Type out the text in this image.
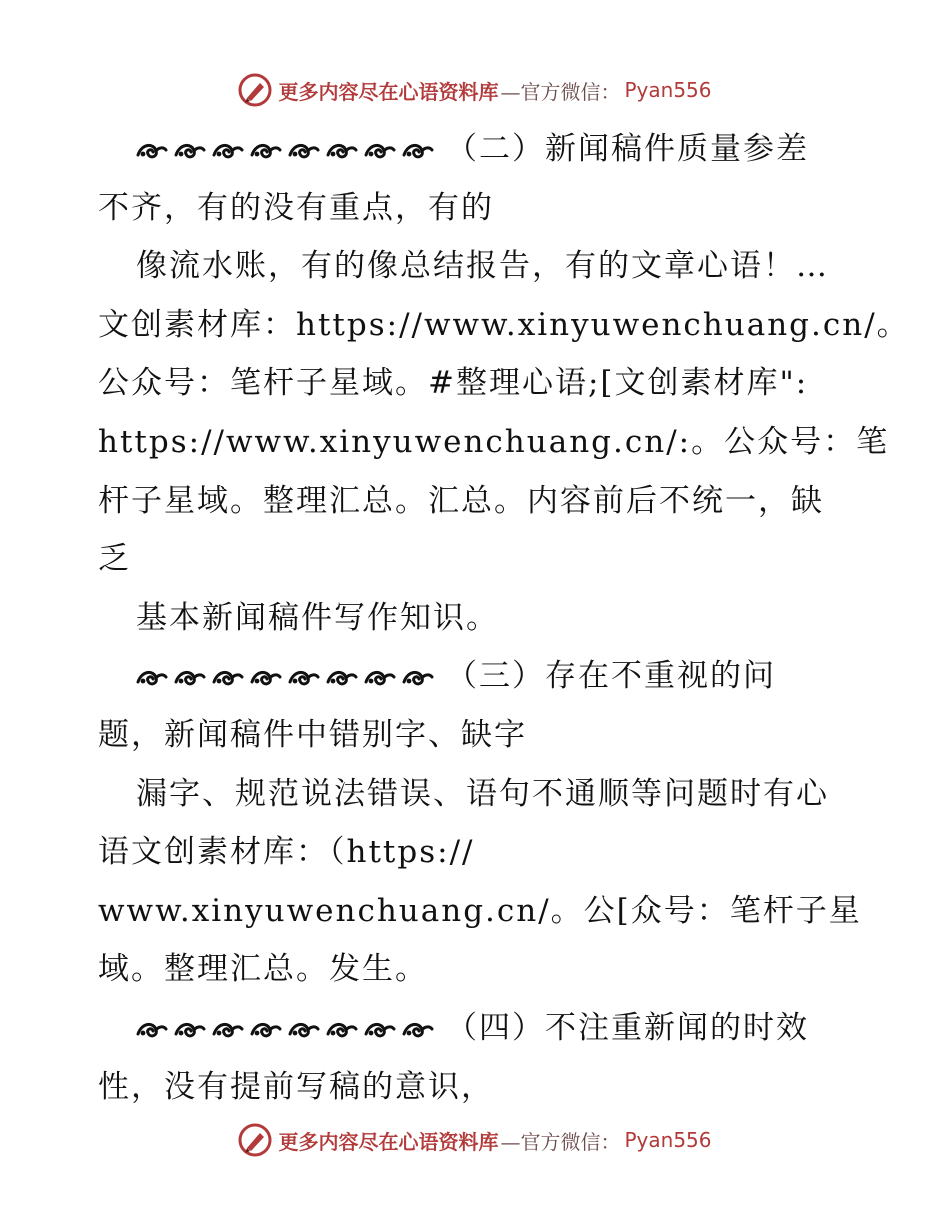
更多内容尽在心语资料库 —官方微信： Pyan556
（二）新闻稿件质量参差
不齐，有的没有重点，有的
像流水账，有的像总结报告，有的文章心语！…
文创素材库：https://www.xinyuwenchuang.cn/。
公众号：笔杆子星域。#整理心语;[文创素材库":
https://www.xinyuwenchuang.cn/:。公众号：笔
杆子星域。整理汇总。汇总。内容前后不统一，缺
乏
基本新闻稿件写作知识。
（三）存在不重视的问
题，新闻稿件中错别字、缺字
漏字、规范说法错误、语句不通顺等问题时有心
语文创素材库：（https://
www.xinyuwenchuang.cn/。公[众号：笔杆子星
域。整理汇总。发生。
（四）不注重新闻的时效
性，没有提前写稿的意识，
更多内容尽在心语资料库 —官方微信： Pyan556
